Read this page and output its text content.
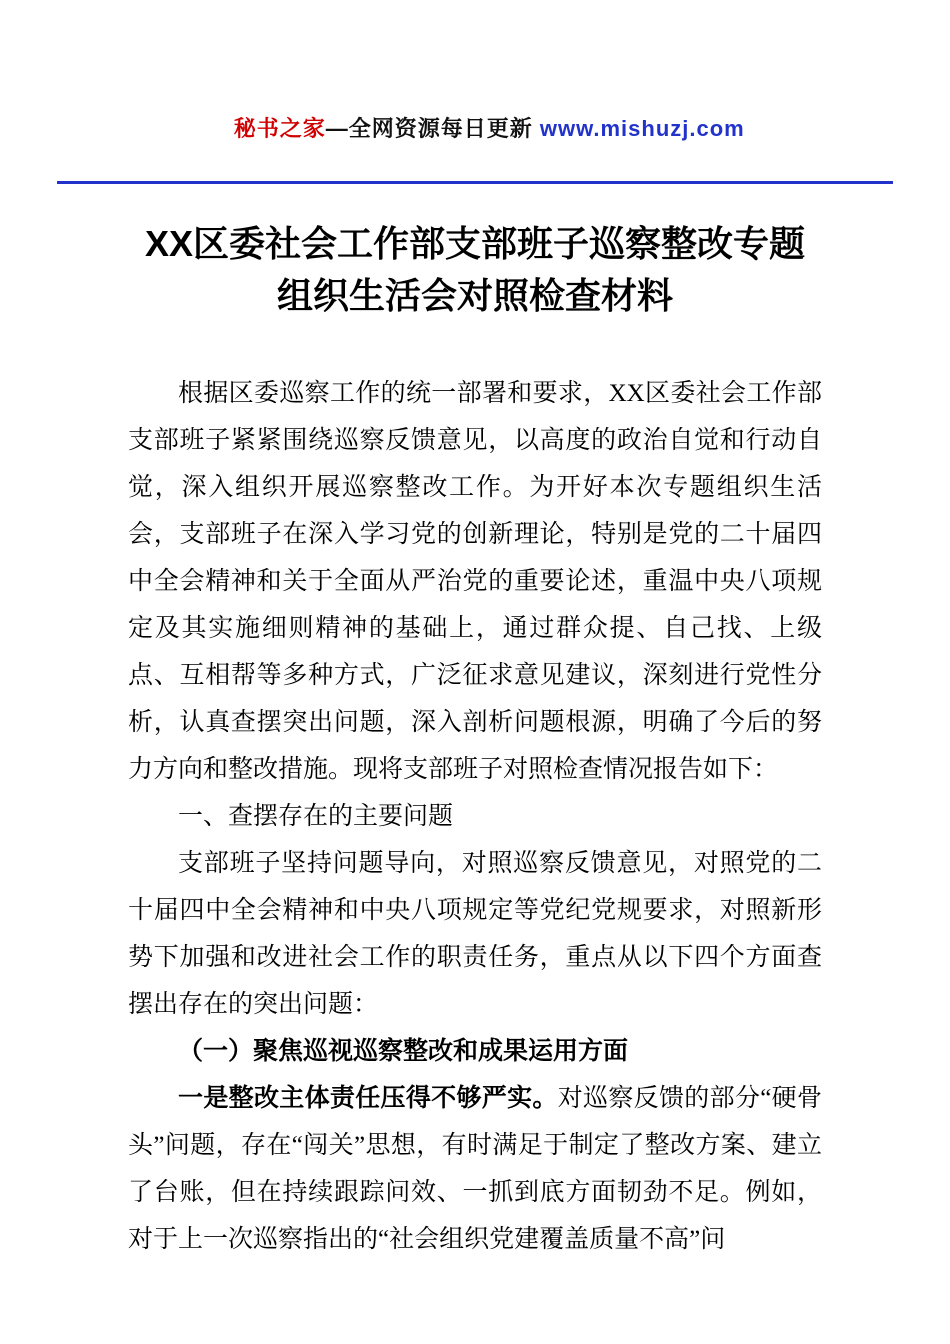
秘书之家—全网资源每日更新 www.mishuzj.com

XX区委社会工作部支部班子巡察整改专题
组织生活会对照检查材料

根据区委巡察工作的统一部署和要求，XX区委社会工作部支部班子紧紧围绕巡察反馈意见，以高度的政治自觉和行动自觉，深入组织开展巡察整改工作。为开好本次专题组织生活会，支部班子在深入学习党的创新理论，特别是党的二十届四中全会精神和关于全面从严治党的重要论述，重温中央八项规定及其实施细则精神的基础上，通过群众提、自己找、上级点、互相帮等多种方式，广泛征求意见建议，深刻进行党性分析，认真查摆突出问题，深入剖析问题根源，明确了今后的努力方向和整改措施。现将支部班子对照检查情况报告如下：

一、查摆存在的主要问题

支部班子坚持问题导向，对照巡察反馈意见，对照党的二十届四中全会精神和中央八项规定等党纪党规要求，对照新形势下加强和改进社会工作的职责任务，重点从以下四个方面查摆出存在的突出问题：

（一）聚焦巡视巡察整改和成果运用方面

一是整改主体责任压得不够严实。对巡察反馈的部分“硬骨头”问题，存在“闯关”思想，有时满足于制定了整改方案、建立了台账，但在持续跟踪问效、一抓到底方面韧劲不足。例如，对于上一次巡察指出的“社会组织党建覆盖质量不高”问
